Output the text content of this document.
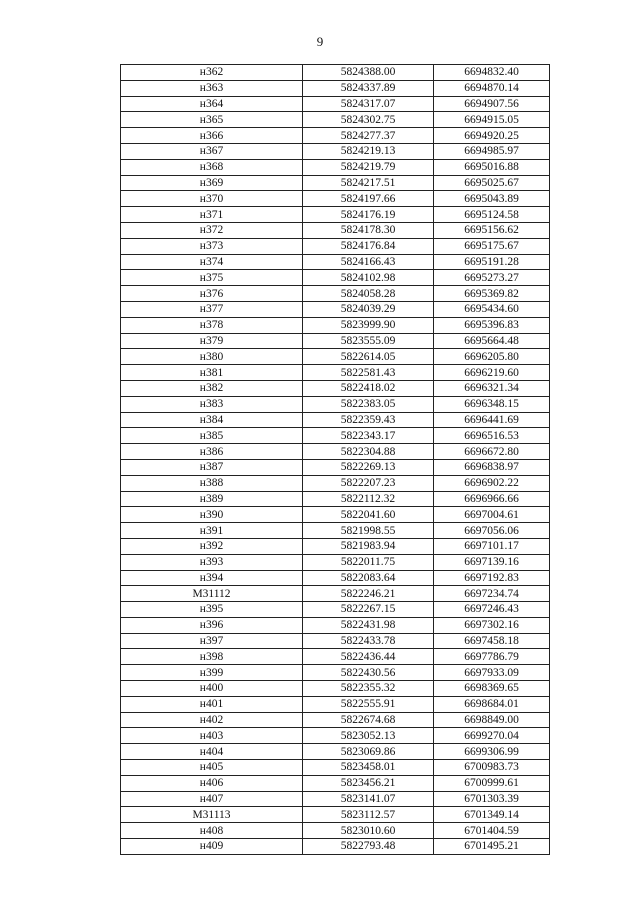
9
н362	5824388.00	6694832.40
н363	5824337.89	6694870.14
н364	5824317.07	6694907.56
н365	5824302.75	6694915.05
н366	5824277.37	6694920.25
н367	5824219.13	6694985.97
н368	5824219.79	6695016.88
н369	5824217.51	6695025.67
н370	5824197.66	6695043.89
н371	5824176.19	6695124.58
н372	5824178.30	6695156.62
н373	5824176.84	6695175.67
н374	5824166.43	6695191.28
н375	5824102.98	6695273.27
н376	5824058.28	6695369.82
н377	5824039.29	6695434.60
н378	5823999.90	6695396.83
н379	5823555.09	6695664.48
н380	5822614.05	6696205.80
н381	5822581.43	6696219.60
н382	5822418.02	6696321.34
н383	5822383.05	6696348.15
н384	5822359.43	6696441.69
н385	5822343.17	6696516.53
н386	5822304.88	6696672.80
н387	5822269.13	6696838.97
н388	5822207.23	6696902.22
н389	5822112.32	6696966.66
н390	5822041.60	6697004.61
н391	5821998.55	6697056.06
н392	5821983.94	6697101.17
н393	5822011.75	6697139.16
н394	5822083.64	6697192.83
М31112	5822246.21	6697234.74
н395	5822267.15	6697246.43
н396	5822431.98	6697302.16
н397	5822433.78	6697458.18
н398	5822436.44	6697786.79
н399	5822430.56	6697933.09
н400	5822355.32	6698369.65
н401	5822555.91	6698684.01
н402	5822674.68	6698849.00
н403	5823052.13	6699270.04
н404	5823069.86	6699306.99
н405	5823458.01	6700983.73
н406	5823456.21	6700999.61
н407	5823141.07	6701303.39
М31113	5823112.57	6701349.14
н408	5823010.60	6701404.59
н409	5822793.48	6701495.21
